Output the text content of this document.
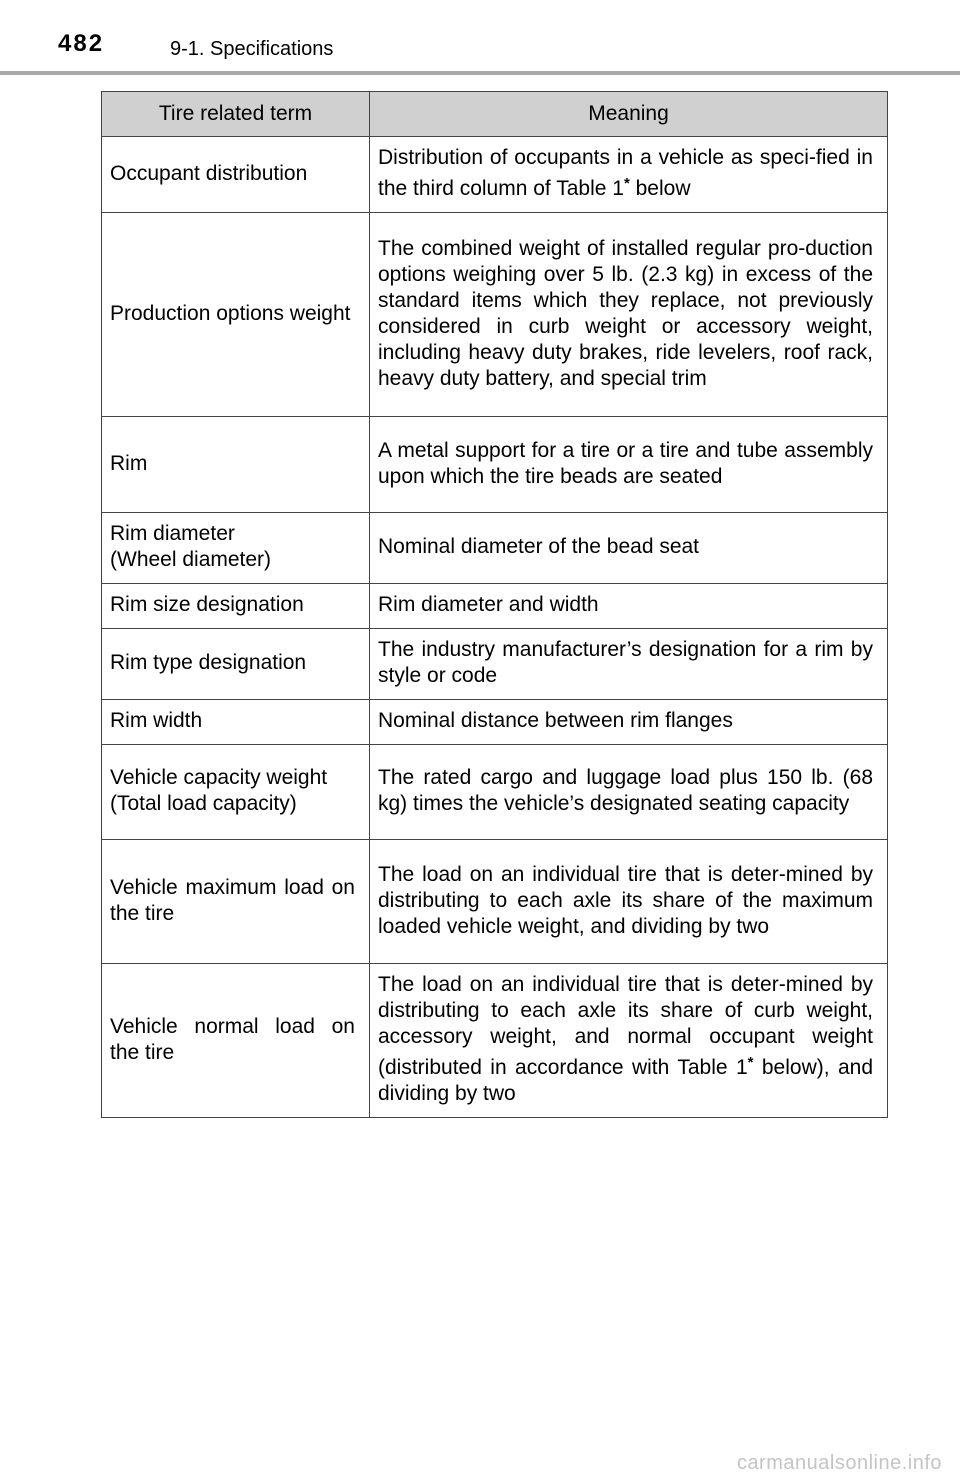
482	9-1. Specifications
Tire related term	Meaning
Occupant distribution	Distribution of occupants in a vehicle as speci-fied in the third column of Table 1* below
Production options weight	The combined weight of installed regular pro-duction options weighing over 5 lb. (2.3 kg) in excess of the standard items which they replace, not previously considered in curb weight or accessory weight, including heavy duty brakes, ride levelers, roof rack, heavy duty battery, and special trim
Rim	A metal support for a tire or a tire and tube assembly upon which the tire beads are seated
Rim diameter
(Wheel diameter)	Nominal diameter of the bead seat
Rim size designation	Rim diameter and width
Rim type designation	The industry manufacturer’s designation for a rim by style or code
Rim width	Nominal distance between rim flanges
Vehicle capacity weight
(Total load capacity)	The rated cargo and luggage load plus 150 lb. (68 kg) times the vehicle’s designated seating capacity
Vehicle maximum load on the tire	The load on an individual tire that is deter-mined by distributing to each axle its share of the maximum loaded vehicle weight, and dividing by two
Vehicle normal load on the tire	The load on an individual tire that is deter-mined by distributing to each axle its share of curb weight, accessory weight, and normal occupant weight (distributed in accordance with Table 1* below), and dividing by two
carmanualsonline.info
